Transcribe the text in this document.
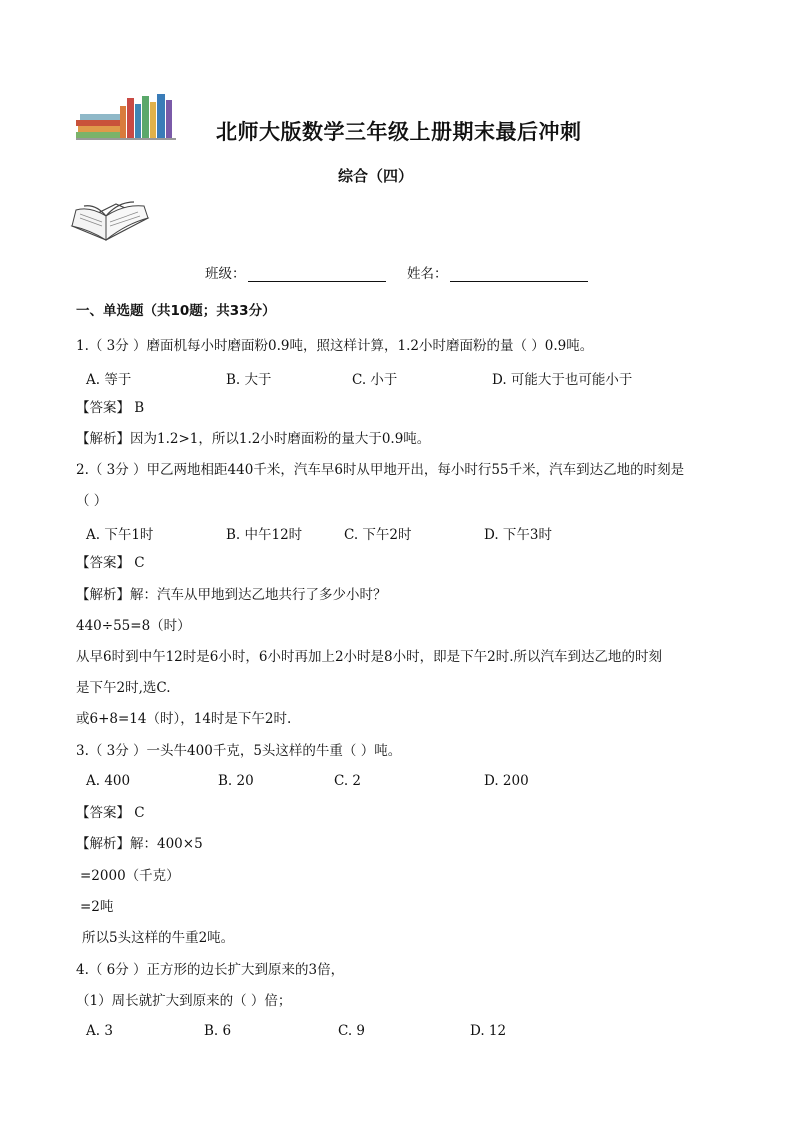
北师大版数学三年级上册期末最后冲刺
综合（四）
班级：	姓名：
一、单选题（共10题；共33分）
1.（ 3分 ）磨面机每小时磨面粉0.9吨，照这样计算，1.2小时磨面粉的量（ ）0.9吨。
A. 等于	B. 大于	C. 小于	D. 可能大于也可能小于
【答案】 B
【解析】因为1.2>1，所以1.2小时磨面粉的量大于0.9吨。
2.（ 3分 ）甲乙两地相距440千米，汽车早6时从甲地开出，每小时行55千米，汽车到达乙地的时刻是
（ ）
A. 下午1时	B. 中午12时	C. 下午2时	D. 下午3时
【答案】 C
【解析】解：汽车从甲地到达乙地共行了多少小时？
440÷55=8（时）
从早6时到中午12时是6小时，6小时再加上2小时是8小时，即是下午2时.所以汽车到达乙地的时刻
是下午2时,选C.
或6+8=14（时），14时是下午2时.
3.（ 3分 ）一头牛400千克，5头这样的牛重（ ）吨。
A. 400	B. 20	C. 2	D. 200
【答案】 C
【解析】解：400×5
=2000（千克）
=2吨
所以5头这样的牛重2吨。
4.（ 6分 ）正方形的边长扩大到原来的3倍，
（1）周长就扩大到原来的（ ）倍；
A. 3	B. 6	C. 9	D. 12
